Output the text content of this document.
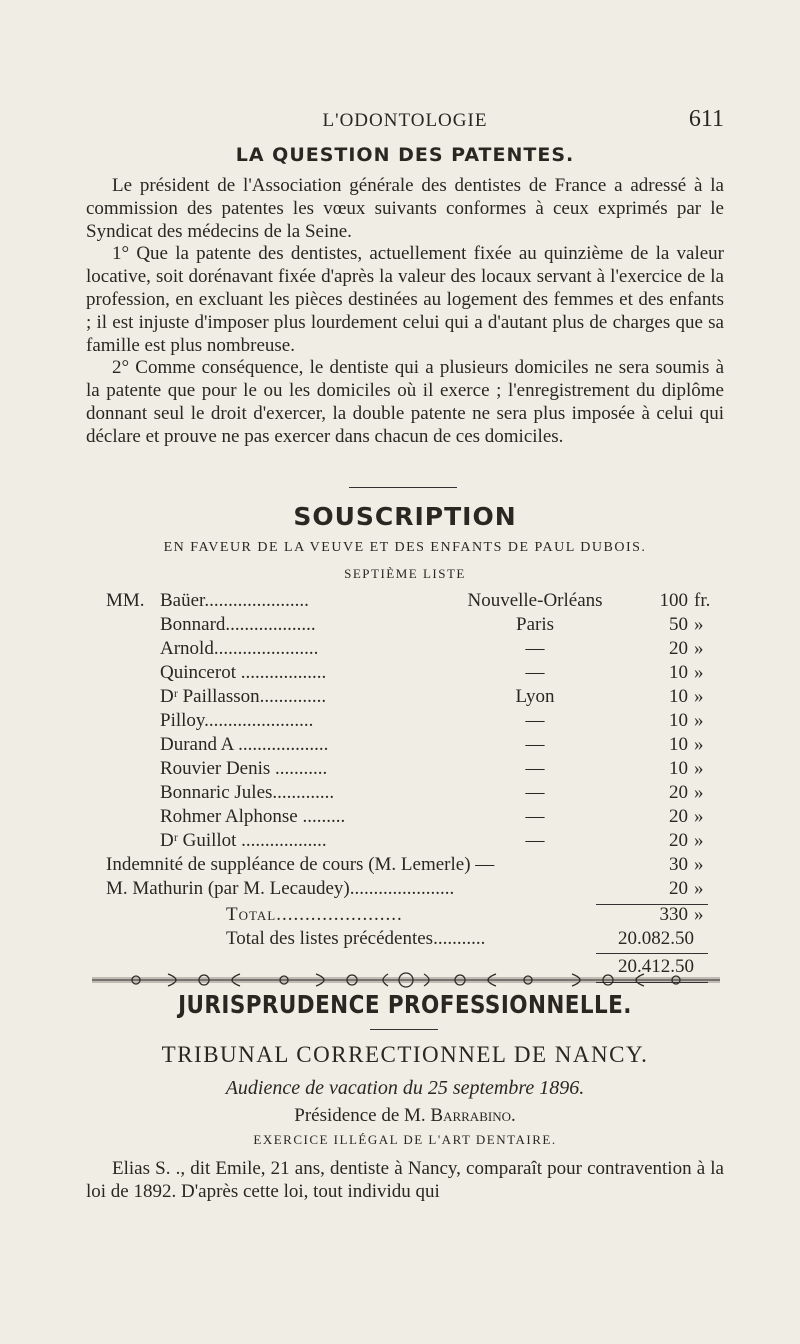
L'ODONTOLOGIE	611
LA QUESTION DES PATENTES.

Le président de l'Association générale des dentistes de France a adressé à la commission des patentes les vœux suivants conformes à ceux exprimés par le Syndicat des médecins de la Seine.

1° Que la patente des dentistes, actuellement fixée au quinzième de la valeur locative, soit dorénavant fixée d'après la valeur des locaux servant à l'exercice de la profession, en excluant les pièces destinées au logement des femmes et des enfants ; il est injuste d'imposer plus lourdement celui qui a d'autant plus de charges que sa famille est plus nombreuse.

2° Comme conséquence, le dentiste qui a plusieurs domiciles ne sera soumis à la patente que pour le ou les domiciles où il exerce ; l'enregistrement du diplôme donnant seul le droit d'exercer, la double patente ne sera plus imposée à celui qui déclare et prouve ne pas exercer dans chacun de ces domiciles.

SOUSCRIPTION
EN FAVEUR DE LA VEUVE ET DES ENFANTS DE PAUL DUBOIS.
SEPTIÈME LISTE
MM. Baüer......................	Nouvelle-Orléans	100 fr.
Bonnard...................	Paris	50 »
Arnold......................	—	20 »
Quincerot ..................	—	10 »
Dʳ Paillasson..............	Lyon	10 »
Pilloy.......................	—	10 »
Durand A ...................	—	10 »
Rouvier Denis ...........	—	10 »
Bonnaric Jules.............	—	20 »
Rohmer Alphonse .........	—	20 »
Dʳ Guillot ..................	—	20 »
Indemnité de suppléance de cours (M. Lemerle) —	30 »
M. Mathurin (par M. Lecaudey)......................	20 »
Total......................	330 »
Total des listes précédentes...........	20.082.50
20.412.50
JURISPRUDENCE PROFESSIONNELLE.
TRIBUNAL CORRECTIONNEL DE NANCY.
Audience de vacation du 25 septembre 1896.
Présidence de M. Barrabino.
EXERCICE ILLÉGAL DE L'ART DENTAIRE.

Elias S. ., dit Emile, 21 ans, dentiste à Nancy, comparaît pour contravention à la loi de 1892. D'après cette loi, tout individu qui
